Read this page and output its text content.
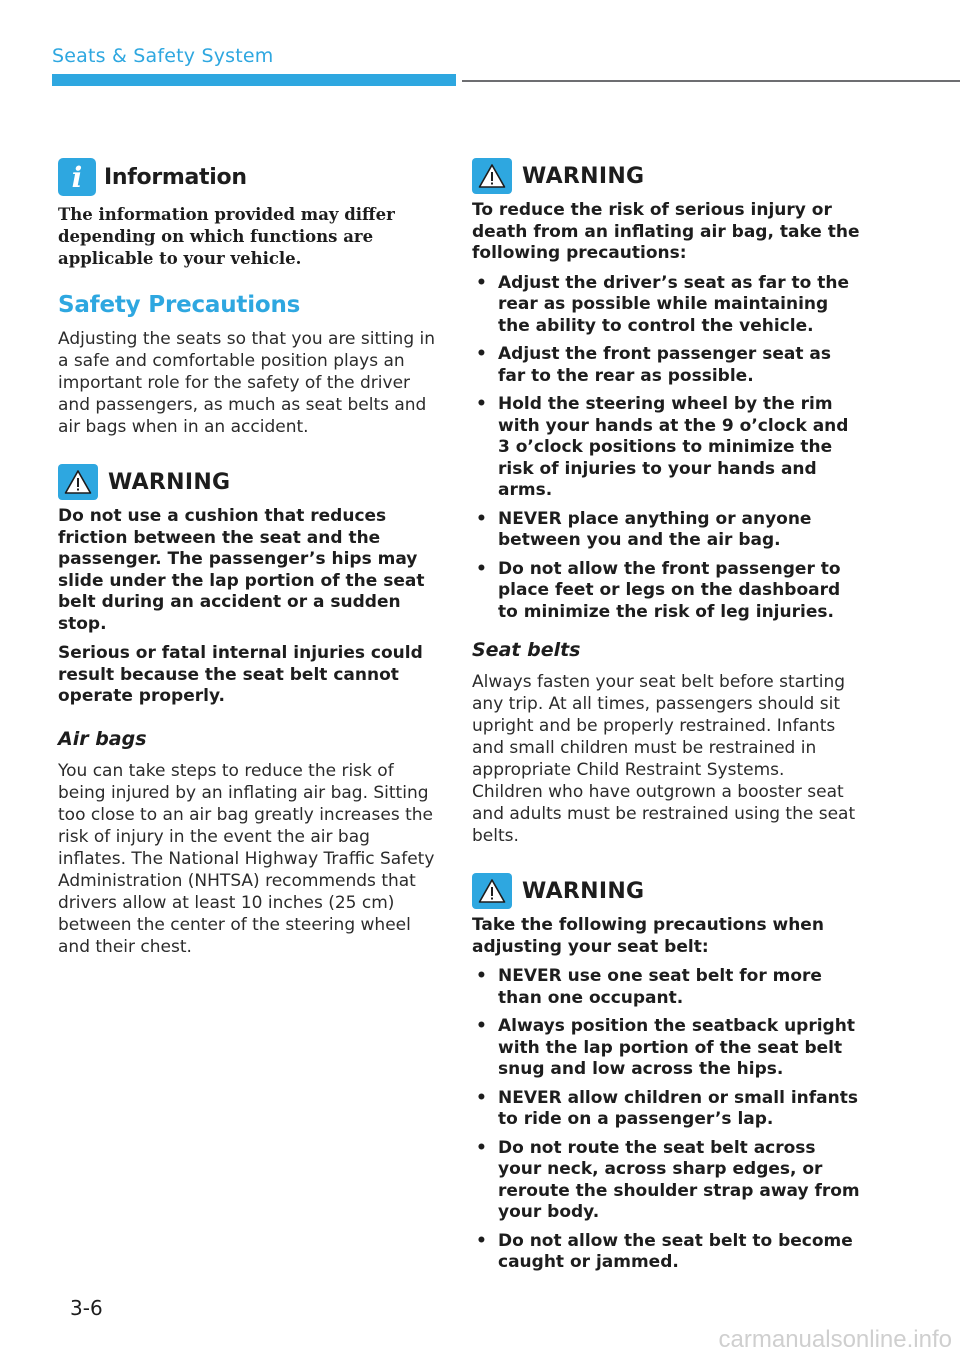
Seats & Safety System
i Information

The information provided may differ depending on which functions are applicable to your vehicle.

Safety Precautions

Adjusting the seats so that you are sitting in a safe and comfortable position plays an important role for the safety of the driver and passengers, as much as seat belts and air bags when in an accident.

WARNING

Do not use a cushion that reduces friction between the seat and the passenger. The passenger’s hips may slide under the lap portion of the seat belt during an accident or a sudden stop.

Serious or fatal internal injuries could result because the seat belt cannot operate properly.

Air bags

You can take steps to reduce the risk of being injured by an inflating air bag. Sitting too close to an air bag greatly increases the risk of injury in the event the air bag inflates. The National Highway Traffic Safety Administration (NHTSA) recommends that drivers allow at least 10 inches (25 cm) between the center of the steering wheel and their chest.

WARNING

To reduce the risk of serious injury or death from an inflating air bag, take the following precautions:

• Adjust the driver’s seat as far to the rear as possible while maintaining the ability to control the vehicle.
• Adjust the front passenger seat as far to the rear as possible.
• Hold the steering wheel by the rim with your hands at the 9 o’clock and 3 o’clock positions to minimize the risk of injuries to your hands and arms.
• NEVER place anything or anyone between you and the air bag.
• Do not allow the front passenger to place feet or legs on the dashboard to minimize the risk of leg injuries.
Seat belts

Always fasten your seat belt before starting any trip. At all times, passengers should sit upright and be properly restrained. Infants and small children must be restrained in appropriate Child Restraint Systems. Children who have outgrown a booster seat and adults must be restrained using the seat belts.

WARNING

Take the following precautions when adjusting your seat belt:

• NEVER use one seat belt for more than one occupant.
• Always position the seatback upright with the lap portion of the seat belt snug and low across the hips.
• NEVER allow children or small infants to ride on a passenger’s lap.
• Do not route the seat belt across your neck, across sharp edges, or reroute the shoulder strap away from your body.
• Do not allow the seat belt to become caught or jammed.
3-6
carmanualsonline.info
